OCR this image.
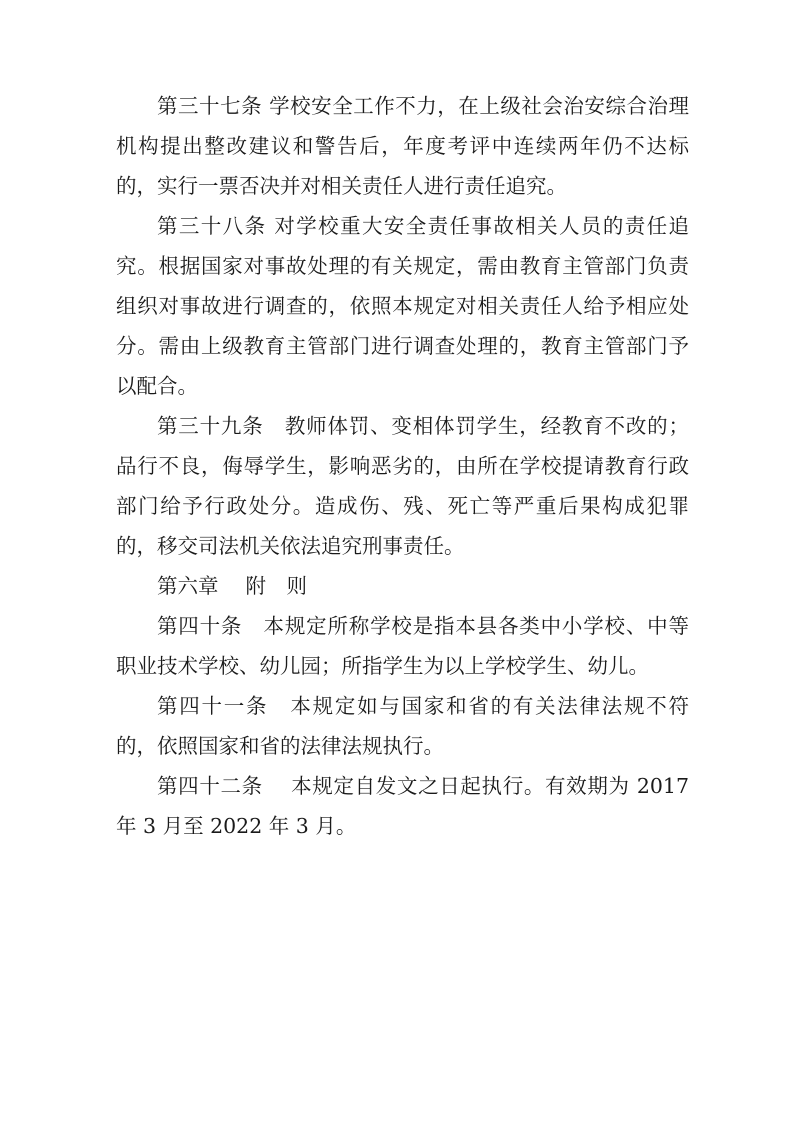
第三十七条 学校安全工作不力，在上级社会治安综合治理机构提出整改建议和警告后，年度考评中连续两年仍不达标的，实行一票否决并对相关责任人进行责任追究。

第三十八条 对学校重大安全责任事故相关人员的责任追究。根据国家对事故处理的有关规定，需由教育主管部门负责组织对事故进行调查的，依照本规定对相关责任人给予相应处分。需由上级教育主管部门进行调查处理的，教育主管部门予以配合。

第三十九条　教师体罚、变相体罚学生，经教育不改的；品行不良，侮辱学生，影响恶劣的，由所在学校提请教育行政部门给予行政处分。造成伤、残、死亡等严重后果构成犯罪的，移交司法机关依法追究刑事责任。

第六章　 附　则

第四十条　本规定所称学校是指本县各类中小学校、中等职业技术学校、幼儿园；所指学生为以上学校学生、幼儿。

第四十一条　本规定如与国家和省的有关法律法规不符的，依照国家和省的法律法规执行。

第四十二条　 本规定自发文之日起执行。有效期为 2017 年 3 月至 2022 年 3 月。
